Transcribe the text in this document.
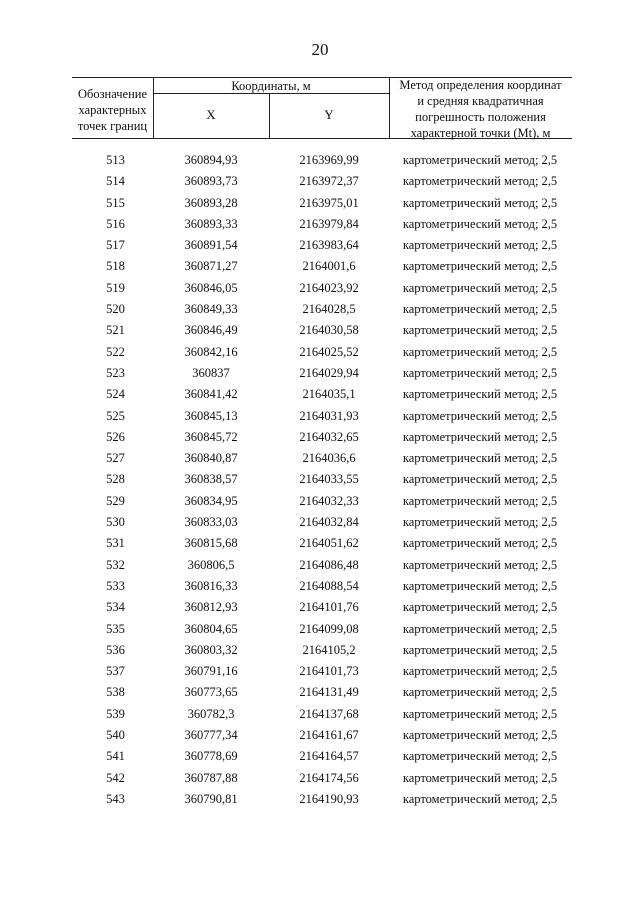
20
Обозначение
характерных
точек границ
Координаты, м
X	Y
Метод определения координат
и средняя квадратичная
погрешность положения
характерной точки (Mt), м
513	360894,93	2163969,99	картометрический метод; 2,5
514	360893,73	2163972,37	картометрический метод; 2,5
515	360893,28	2163975,01	картометрический метод; 2,5
516	360893,33	2163979,84	картометрический метод; 2,5
517	360891,54	2163983,64	картометрический метод; 2,5
518	360871,27	2164001,6	картометрический метод; 2,5
519	360846,05	2164023,92	картометрический метод; 2,5
520	360849,33	2164028,5	картометрический метод; 2,5
521	360846,49	2164030,58	картометрический метод; 2,5
522	360842,16	2164025,52	картометрический метод; 2,5
523	360837	2164029,94	картометрический метод; 2,5
524	360841,42	2164035,1	картометрический метод; 2,5
525	360845,13	2164031,93	картометрический метод; 2,5
526	360845,72	2164032,65	картометрический метод; 2,5
527	360840,87	2164036,6	картометрический метод; 2,5
528	360838,57	2164033,55	картометрический метод; 2,5
529	360834,95	2164032,33	картометрический метод; 2,5
530	360833,03	2164032,84	картометрический метод; 2,5
531	360815,68	2164051,62	картометрический метод; 2,5
532	360806,5	2164086,48	картометрический метод; 2,5
533	360816,33	2164088,54	картометрический метод; 2,5
534	360812,93	2164101,76	картометрический метод; 2,5
535	360804,65	2164099,08	картометрический метод; 2,5
536	360803,32	2164105,2	картометрический метод; 2,5
537	360791,16	2164101,73	картометрический метод; 2,5
538	360773,65	2164131,49	картометрический метод; 2,5
539	360782,3	2164137,68	картометрический метод; 2,5
540	360777,34	2164161,67	картометрический метод; 2,5
541	360778,69	2164164,57	картометрический метод; 2,5
542	360787,88	2164174,56	картометрический метод; 2,5
543	360790,81	2164190,93	картометрический метод; 2,5
